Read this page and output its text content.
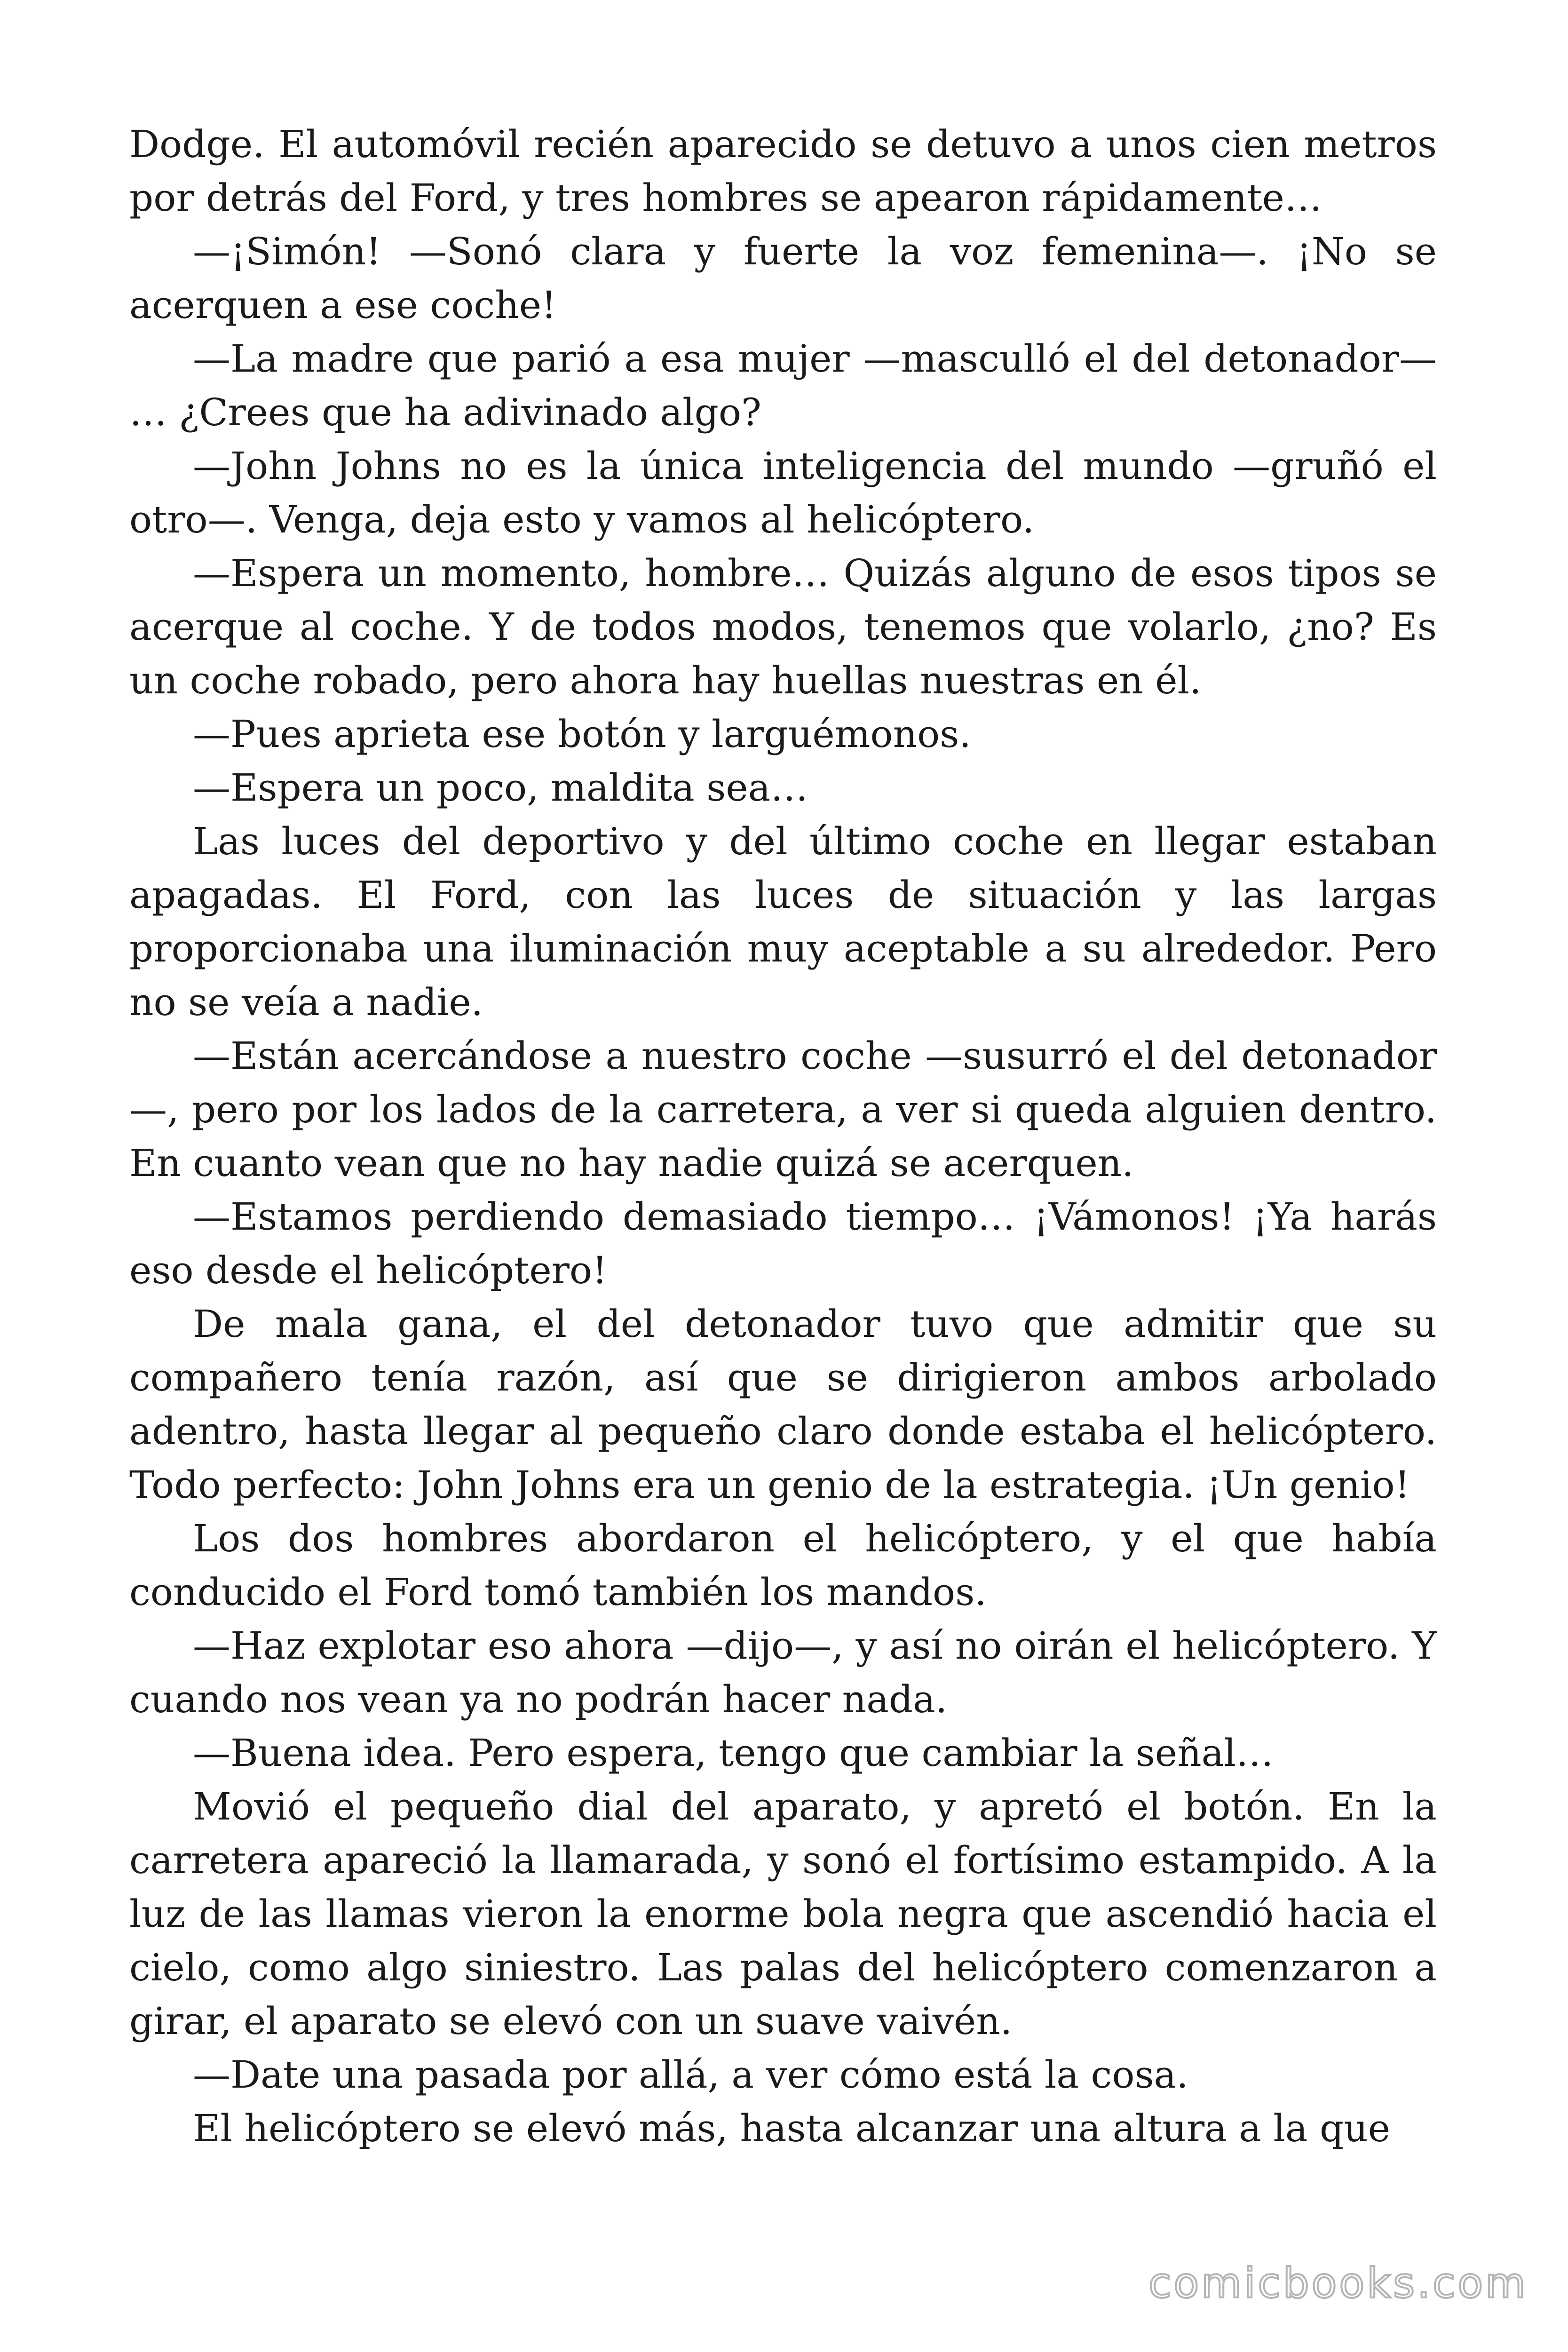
Dodge. El automóvil recién aparecido se detuvo a unos cien metros por detrás del Ford, y tres hombres se apearon rápidamente…

—¡Simón! —Sonó clara y fuerte la voz femenina—. ¡No se acerquen a ese coche!

—La madre que parió a esa mujer —masculló el del detonador— … ¿Crees que ha adivinado algo?

—John Johns no es la única inteligencia del mundo —gruñó el otro—. Venga, deja esto y vamos al helicóptero.

—Espera un momento, hombre… Quizás alguno de esos tipos se acerque al coche. Y de todos modos, tenemos que volarlo, ¿no? Es un coche robado, pero ahora hay huellas nuestras en él.

—Pues aprieta ese botón y larguémonos.

—Espera un poco, maldita sea…

Las luces del deportivo y del último coche en llegar estaban apagadas. El Ford, con las luces de situación y las largas proporcionaba una iluminación muy aceptable a su alrededor. Pero no se veía a nadie.

—Están acercándose a nuestro coche —susurró el del detonador —, pero por los lados de la carretera, a ver si queda alguien dentro. En cuanto vean que no hay nadie quizá se acerquen.

—Estamos perdiendo demasiado tiempo… ¡Vámonos! ¡Ya harás eso desde el helicóptero!

De mala gana, el del detonador tuvo que admitir que su compañero tenía razón, así que se dirigieron ambos arbolado adentro, hasta llegar al pequeño claro donde estaba el helicóptero. Todo perfecto: John Johns era un genio de la estrategia. ¡Un genio!

Los dos hombres abordaron el helicóptero, y el que había conducido el Ford tomó también los mandos.

—Haz explotar eso ahora —dijo—, y así no oirán el helicóptero. Y cuando nos vean ya no podrán hacer nada.

—Buena idea. Pero espera, tengo que cambiar la señal…

Movió el pequeño dial del aparato, y apretó el botón. En la carretera apareció la llamarada, y sonó el fortísimo estampido. A la luz de las llamas vieron la enorme bola negra que ascendió hacia el cielo, como algo siniestro. Las palas del helicóptero comenzaron a girar, el aparato se elevó con un suave vaivén.

—Date una pasada por allá, a ver cómo está la cosa.

El helicóptero se elevó más, hasta alcanzar una altura a la que

comicbooks.com
